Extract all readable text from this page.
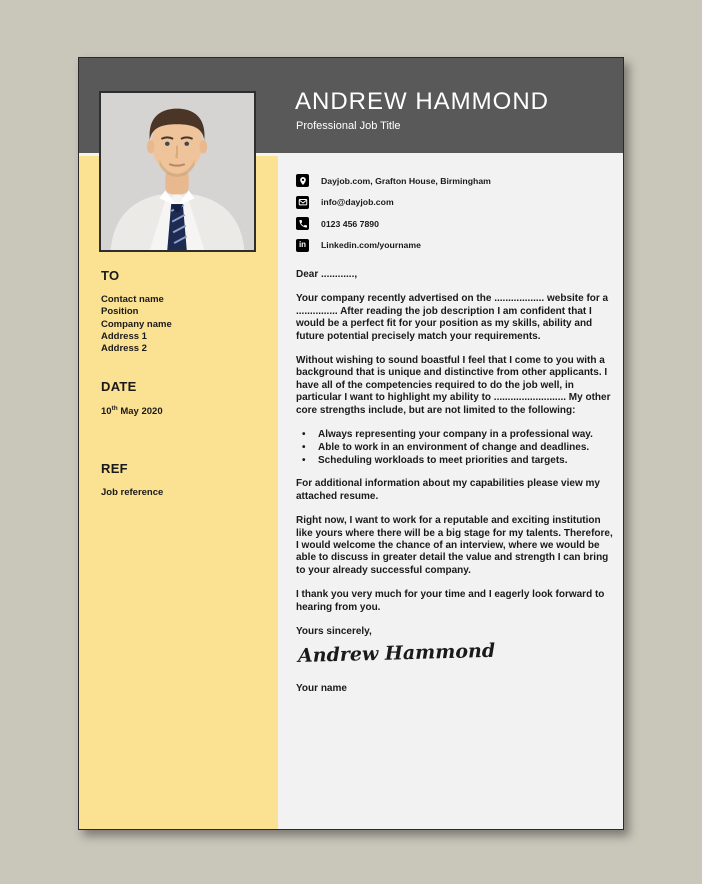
ANDREW HAMMOND
Professional Job Title
TO
Contact name
Position
Company name
Address 1
Address 2
DATE
10th May 2020
REF
Job reference
Dayjob.com, Grafton House, Birmingham
info@dayjob.com
0123 456 7890
in Linkedin.com/yourname

Dear ............,

Your company recently advertised on the .................. website for a ............... After reading the job description I am confident that I would be a perfect fit for your position as my skills, ability and future potential precisely match your requirements.

Without wishing to sound boastful I feel that I come to you with a background that is unique and distinctive from other applicants. I have all of the competencies required to do the job well, in particular I want to highlight my ability to .......................... My other core strengths include, but are not limited to the following:

• Always representing your company in a professional way.
• Able to work in an environment of change and deadlines.
• Scheduling workloads to meet priorities and targets.

For additional information about my capabilities please view my attached resume.

Right now, I want to work for a reputable and exciting institution like yours where there will be a big stage for my talents. Therefore, I would welcome the chance of an interview, where we would be able to discuss in greater detail the value and strength I can bring to your already successful company.

I thank you very much for your time and I eagerly look forward to hearing from you.

Yours sincerely,

Andrew Hammond
Your name
